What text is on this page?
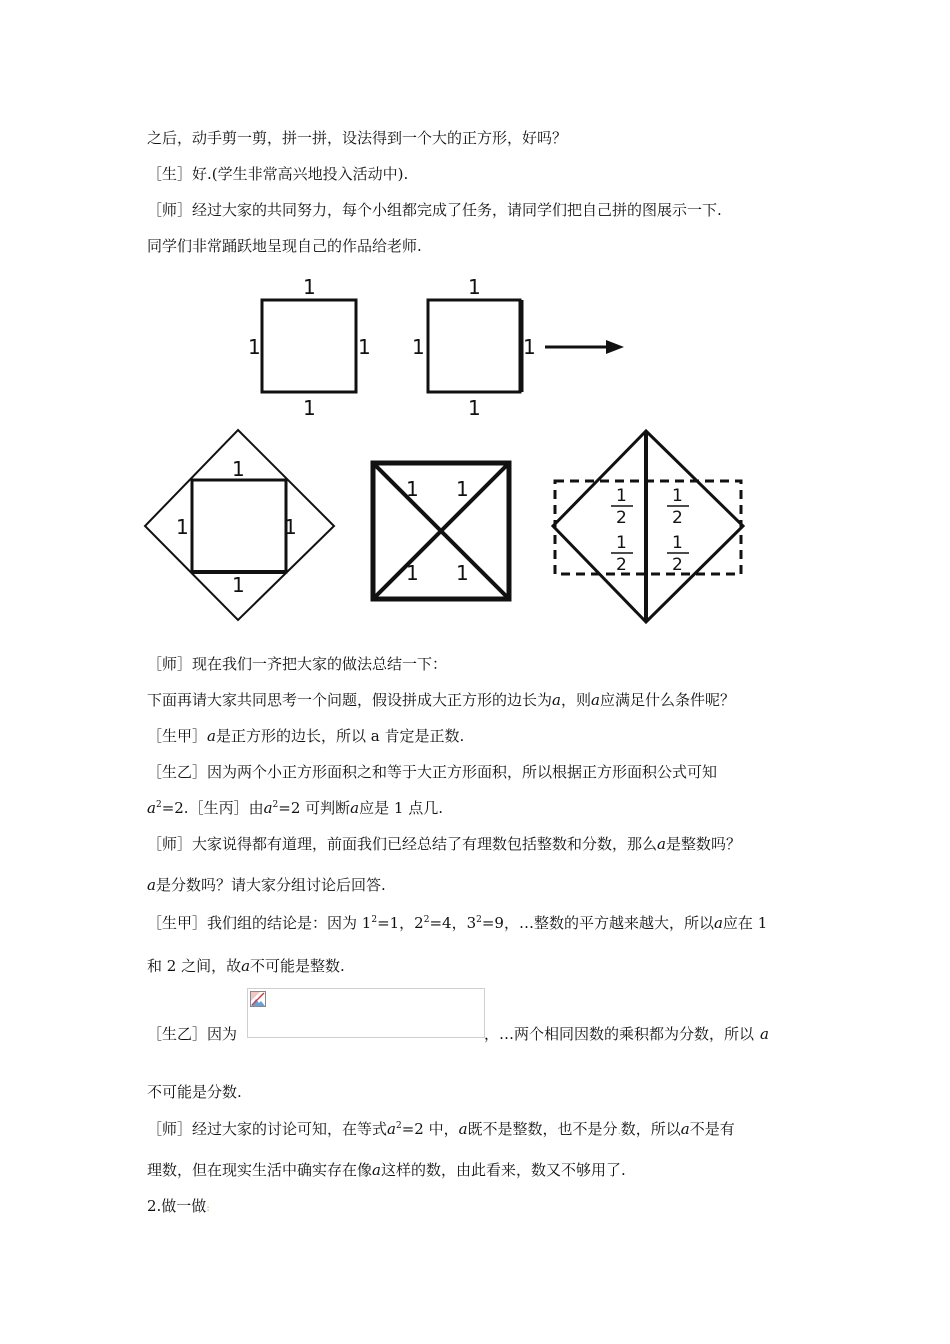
之后，动手剪一剪，拼一拼，设法得到一个大的正方形，好吗？
［生］好.(学生非常高兴地投入活动中).
［师］经过大家的共同努力，每个小组都完成了任务，请同学们把自己拼的图展示一下.
同学们非常踊跃地呈现自己的作品给老师.
1
1	1
1
1
1	1
1
1
1	1
1
1 1
1 1
1
2
1
2
1
2
1
2
［师］现在我们一齐把大家的做法总结一下：
下面再请大家共同思考一个问题，假设拼成大正方形的边长为a，则a应满足什么条件呢？
［生甲］a是正方形的边长，所以 a 肯定是正数.
［生乙］因为两个小正方形面积之和等于大正方形面积，所以根据正方形面积公式可知
$a^2=2.[$生丙］由$a^2=2$ 可判断a应是 1 点几.
［师］大家说得都有道理，前面我们已经总结了有理数包括整数和分数，那么a是整数吗？
a是分数吗？请大家分组讨论后回答.
［生甲］我们组的结论是：因为 $1^2=1$，$2^2=4$，$3^2=9$，…整数的平方越来越大，所以a应在 1
和 2 之间，故a不可能是整数.
［生乙］因为	，…两个相同因数的乘积都为分数，所以 a
不可能是分数.
［师］经过大家的讨论可知，在等式$a^2=2$ 中，a既不是整数，也不是分.数，所以a不是有
理数，但在现实生活中确实存在像a这样的数，由此看来，数又不够用了.
2.做一做:
